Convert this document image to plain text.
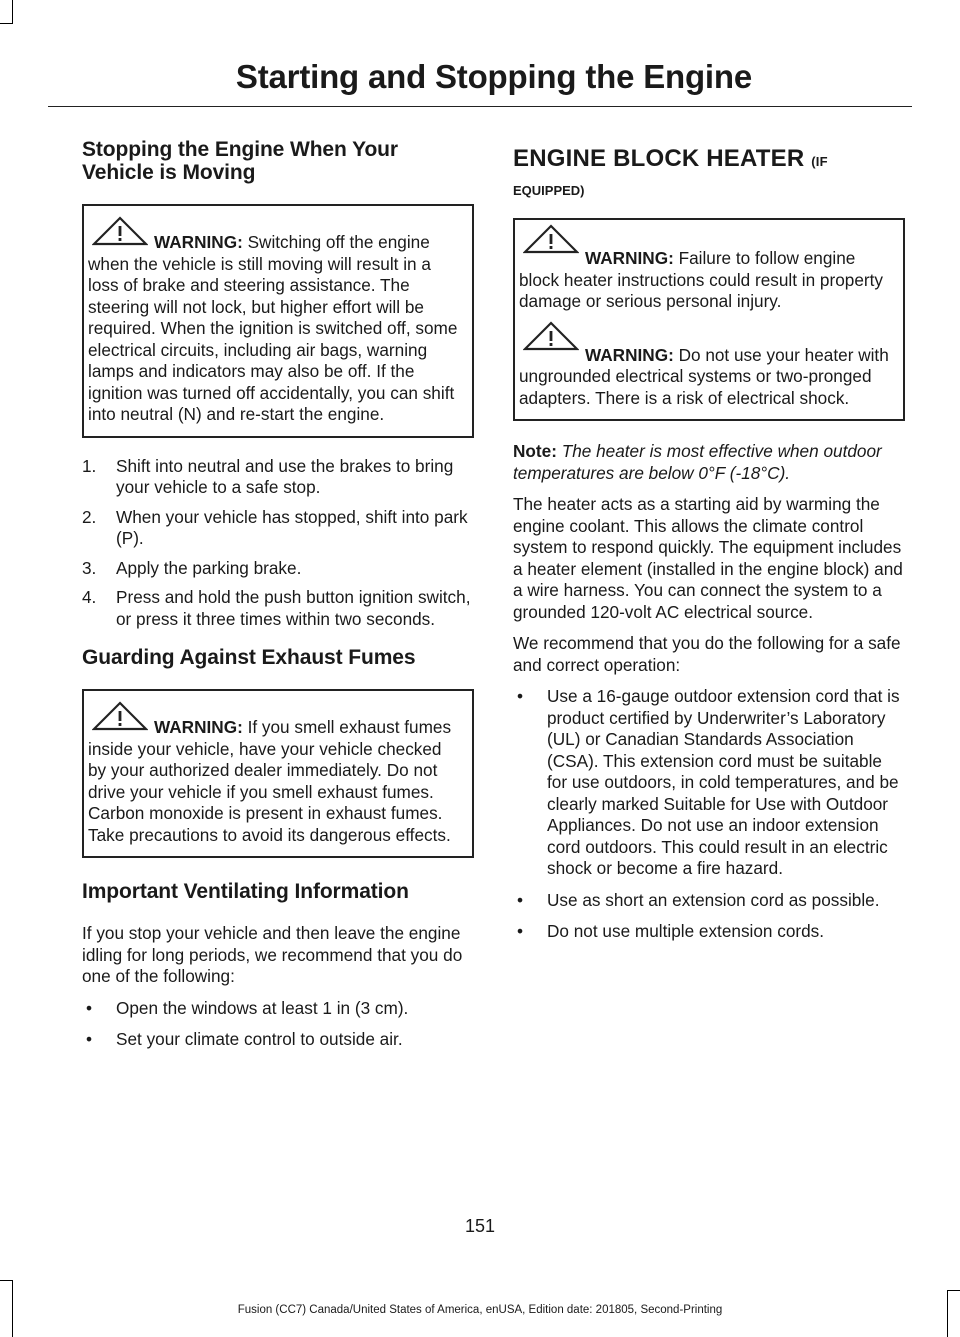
Starting and Stopping the Engine
Stopping the Engine When Your Vehicle is Moving
WARNING: Switching off the engine when the vehicle is still moving will result in a loss of brake and steering assistance. The steering will not lock, but higher effort will be required. When the ignition is switched off, some electrical circuits, including air bags, warning lamps and indicators may also be off. If the ignition was turned off accidentally, you can shift into neutral (N) and re-start the engine.
1. Shift into neutral and use the brakes to bring your vehicle to a safe stop.
2. When your vehicle has stopped, shift into park (P).
3. Apply the parking brake.
4. Press and hold the push button ignition switch, or press it three times within two seconds.
Guarding Against Exhaust Fumes
WARNING: If you smell exhaust fumes inside your vehicle, have your vehicle checked by your authorized dealer immediately. Do not drive your vehicle if you smell exhaust fumes. Carbon monoxide is present in exhaust fumes. Take precautions to avoid its dangerous effects.
Important Ventilating Information

If you stop your vehicle and then leave the engine idling for long periods, we recommend that you do one of the following:

• Open the windows at least 1 in (3 cm).
• Set your climate control to outside air.
ENGINE BLOCK HEATER (IF
EQUIPPED)
WARNING: Failure to follow engine block heater instructions could result in property damage or serious personal injury.
WARNING: Do not use your heater with ungrounded electrical systems or two-pronged adapters. There is a risk of electrical shock.

Note: The heater is most effective when outdoor temperatures are below 0°F (-18°C).

The heater acts as a starting aid by warming the engine coolant. This allows the climate control system to respond quickly. The equipment includes a heater element (installed in the engine block) and a wire harness. You can connect the system to a grounded 120-volt AC electrical source.

We recommend that you do the following for a safe and correct operation:

• Use a 16-gauge outdoor extension cord that is product certified by Underwriter’s Laboratory (UL) or Canadian Standards Association (CSA). This extension cord must be suitable for use outdoors, in cold temperatures, and be clearly marked Suitable for Use with Outdoor Appliances. Do not use an indoor extension cord outdoors. This could result in an electric shock or become a fire hazard.
• Use as short an extension cord as possible.
• Do not use multiple extension cords.
151
Fusion (CC7) Canada/United States of America, enUSA, Edition date: 201805, Second-Printing
